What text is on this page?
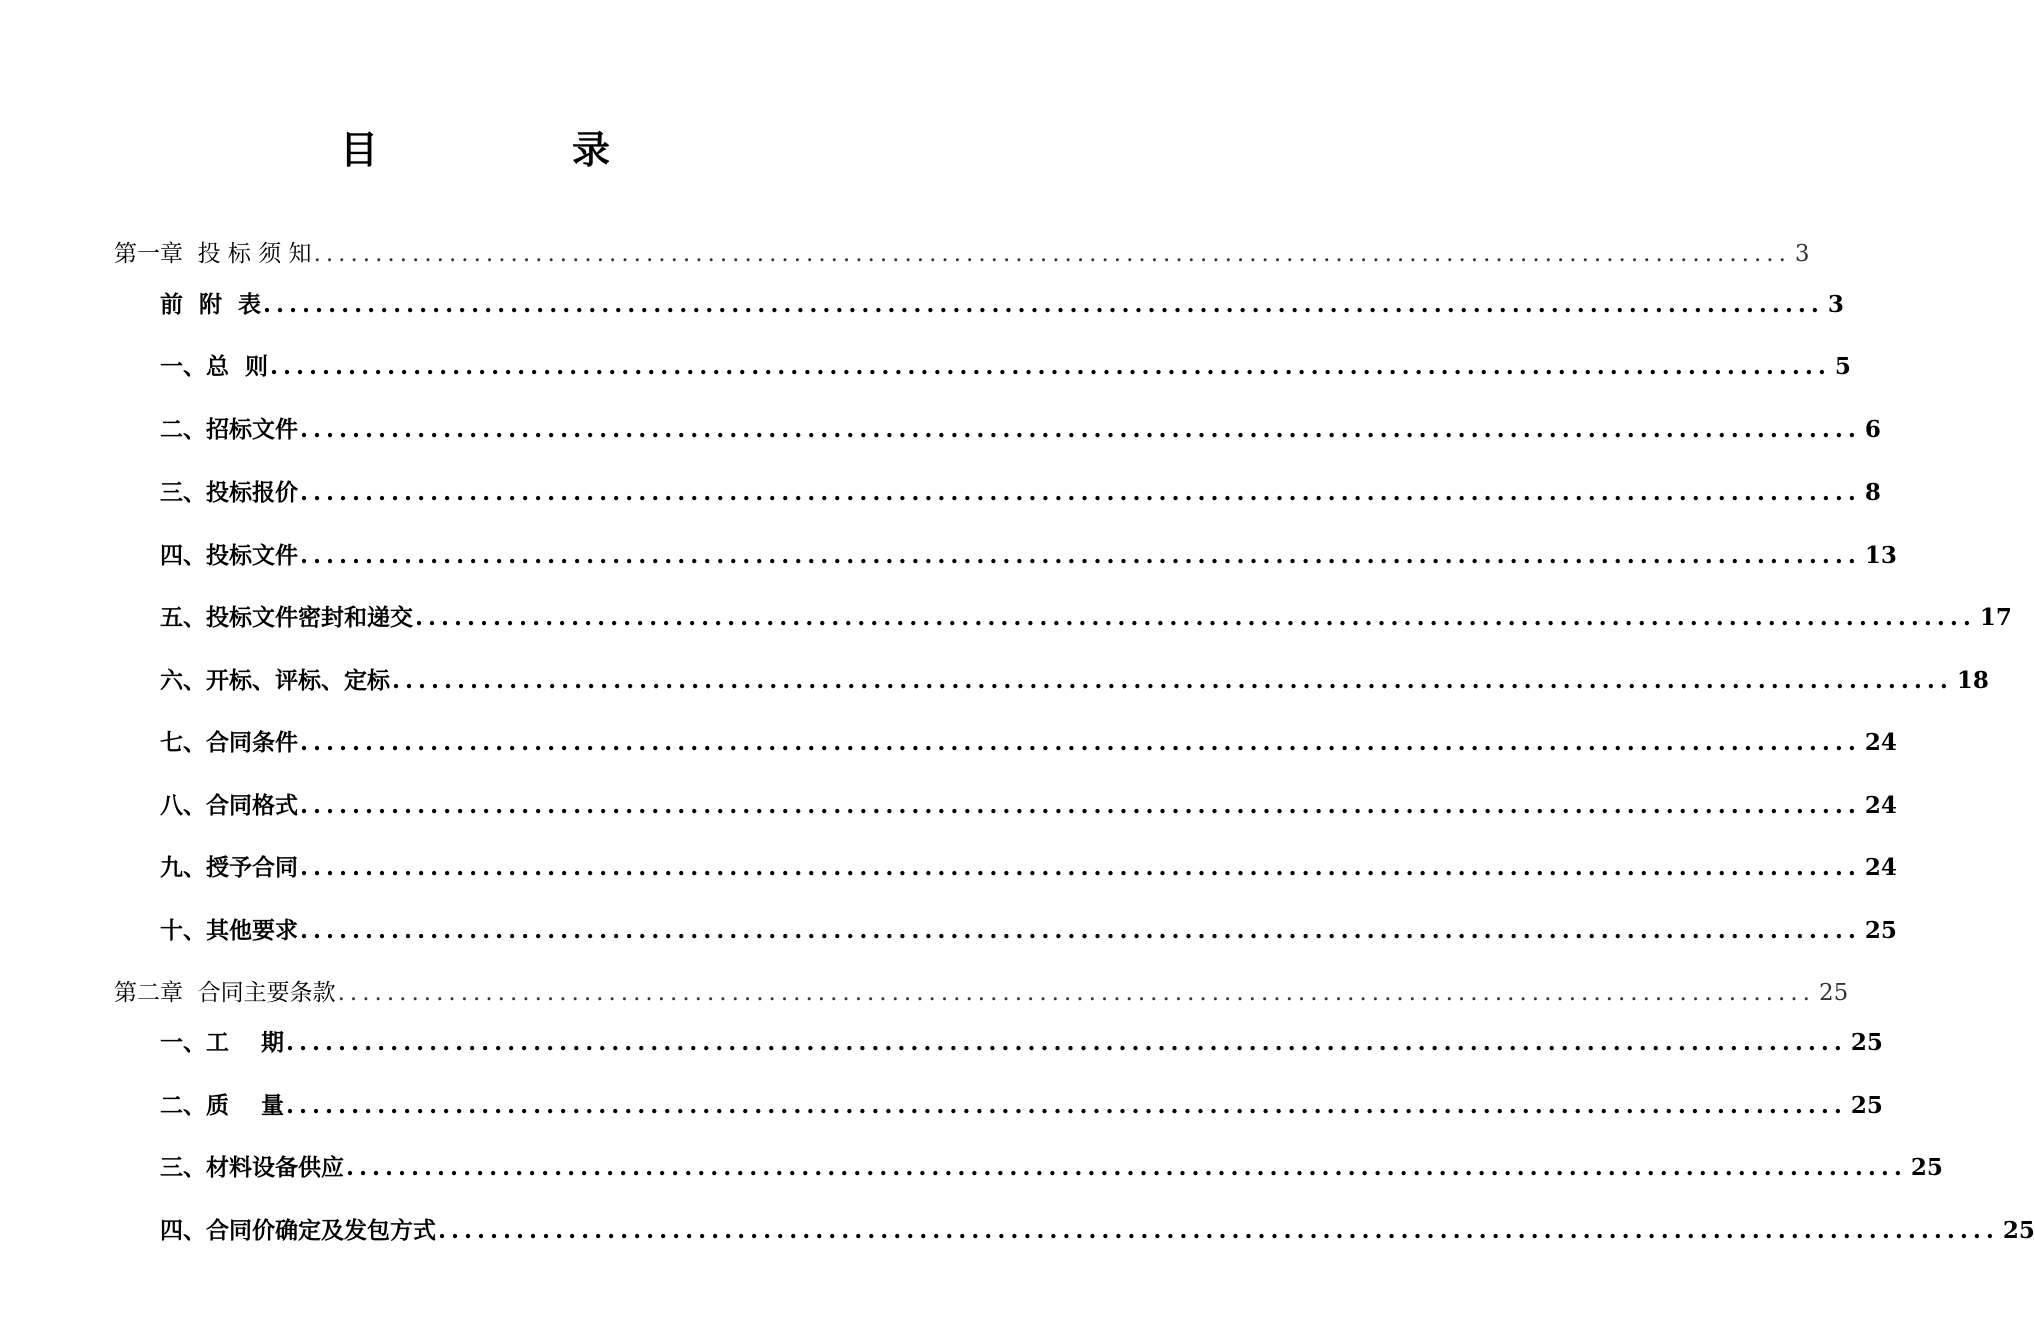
目　录
第一章  投 标 须 知 ........................................................................................................................ 3
前  附  表 ........................................................................................................................ 3
一、总  则 ........................................................................................................................ 5
二、招标文件 ........................................................................................................................ 6
三、投标报价 ........................................................................................................................ 8
四、投标文件 ........................................................................................................................ 13
五、投标文件密封和递交 ........................................................................................................................ 17
六、开标、评标、定标 ........................................................................................................................ 18
七、合同条件 ........................................................................................................................ 24
八、合同格式 ........................................................................................................................ 24
九、授予合同 ........................................................................................................................ 24
十、其他要求 ........................................................................................................................ 25
第二章  合同主要条款 ........................................................................................................................ 25
一、工    期 ........................................................................................................................ 25
二、质    量 ........................................................................................................................ 25
三、材料设备供应 ........................................................................................................................ 25
四、合同价确定及发包方式 ........................................................................................................................ 25
